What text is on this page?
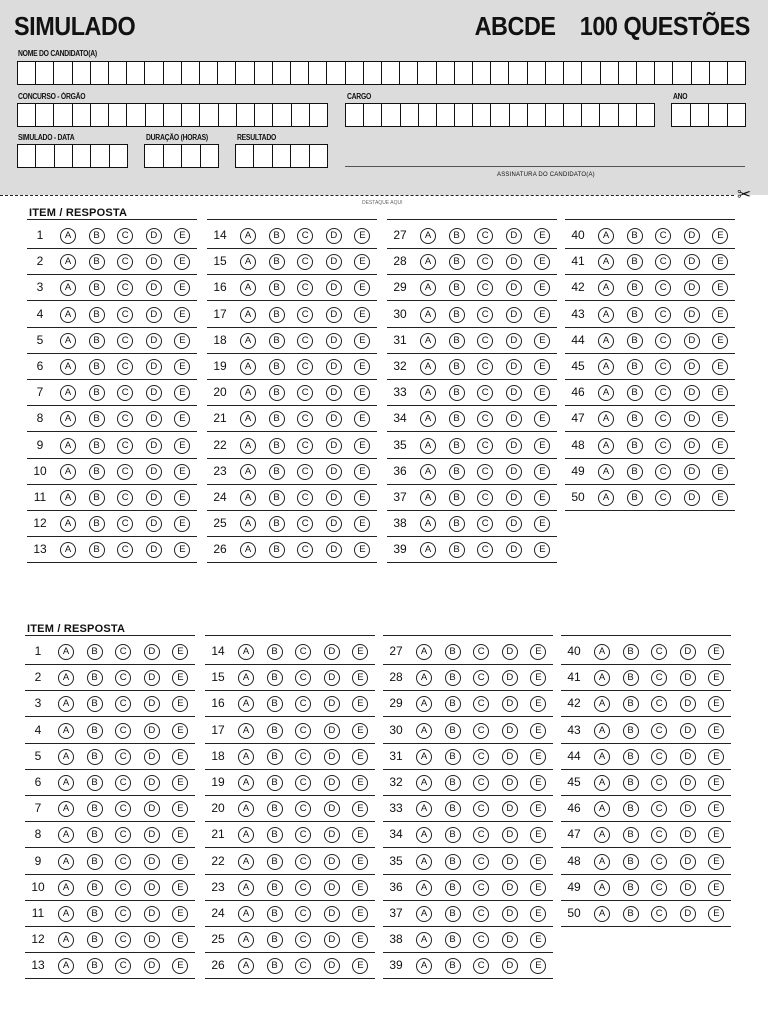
SIMULADO	ABCDE    100 QUESTÕES
NOME DO CANDIDATO(A)
CONCURSO - ÓRGÃO	CARGO	ANO
SIMULADO - DATA	DURAÇÃO (HORAS)	RESULTADO
ASSINATURA DO CANDIDATO(A)
✂
DESTAQUE AQUI
ITEM / RESPOSTA
1	A	B	C	D	E
2	A	B	C	D	E
3	A	B	C	D	E
4	A	B	C	D	E
5	A	B	C	D	E
6	A	B	C	D	E
7	A	B	C	D	E
8	A	B	C	D	E
9	A	B	C	D	E
10	A	B	C	D	E
11	A	B	C	D	E
12	A	B	C	D	E
13	A	B	C	D	E
14	A	B	C	D	E
15	A	B	C	D	E
16	A	B	C	D	E
17	A	B	C	D	E
18	A	B	C	D	E
19	A	B	C	D	E
20	A	B	C	D	E
21	A	B	C	D	E
22	A	B	C	D	E
23	A	B	C	D	E
24	A	B	C	D	E
25	A	B	C	D	E
26	A	B	C	D	E
27	A	B	C	D	E
28	A	B	C	D	E
29	A	B	C	D	E
30	A	B	C	D	E
31	A	B	C	D	E
32	A	B	C	D	E
33	A	B	C	D	E
34	A	B	C	D	E
35	A	B	C	D	E
36	A	B	C	D	E
37	A	B	C	D	E
38	A	B	C	D	E
39	A	B	C	D	E
40	A	B	C	D	E
41	A	B	C	D	E
42	A	B	C	D	E
43	A	B	C	D	E
44	A	B	C	D	E
45	A	B	C	D	E
46	A	B	C	D	E
47	A	B	C	D	E
48	A	B	C	D	E
49	A	B	C	D	E
50	A	B	C	D	E
ITEM / RESPOSTA
1	A	B	C	D	E
2	A	B	C	D	E
3	A	B	C	D	E
4	A	B	C	D	E
5	A	B	C	D	E
6	A	B	C	D	E
7	A	B	C	D	E
8	A	B	C	D	E
9	A	B	C	D	E
10	A	B	C	D	E
11	A	B	C	D	E
12	A	B	C	D	E
13	A	B	C	D	E
14	A	B	C	D	E
15	A	B	C	D	E
16	A	B	C	D	E
17	A	B	C	D	E
18	A	B	C	D	E
19	A	B	C	D	E
20	A	B	C	D	E
21	A	B	C	D	E
22	A	B	C	D	E
23	A	B	C	D	E
24	A	B	C	D	E
25	A	B	C	D	E
26	A	B	C	D	E
27	A	B	C	D	E
28	A	B	C	D	E
29	A	B	C	D	E
30	A	B	C	D	E
31	A	B	C	D	E
32	A	B	C	D	E
33	A	B	C	D	E
34	A	B	C	D	E
35	A	B	C	D	E
36	A	B	C	D	E
37	A	B	C	D	E
38	A	B	C	D	E
39	A	B	C	D	E
40	A	B	C	D	E
41	A	B	C	D	E
42	A	B	C	D	E
43	A	B	C	D	E
44	A	B	C	D	E
45	A	B	C	D	E
46	A	B	C	D	E
47	A	B	C	D	E
48	A	B	C	D	E
49	A	B	C	D	E
50	A	B	C	D	E
